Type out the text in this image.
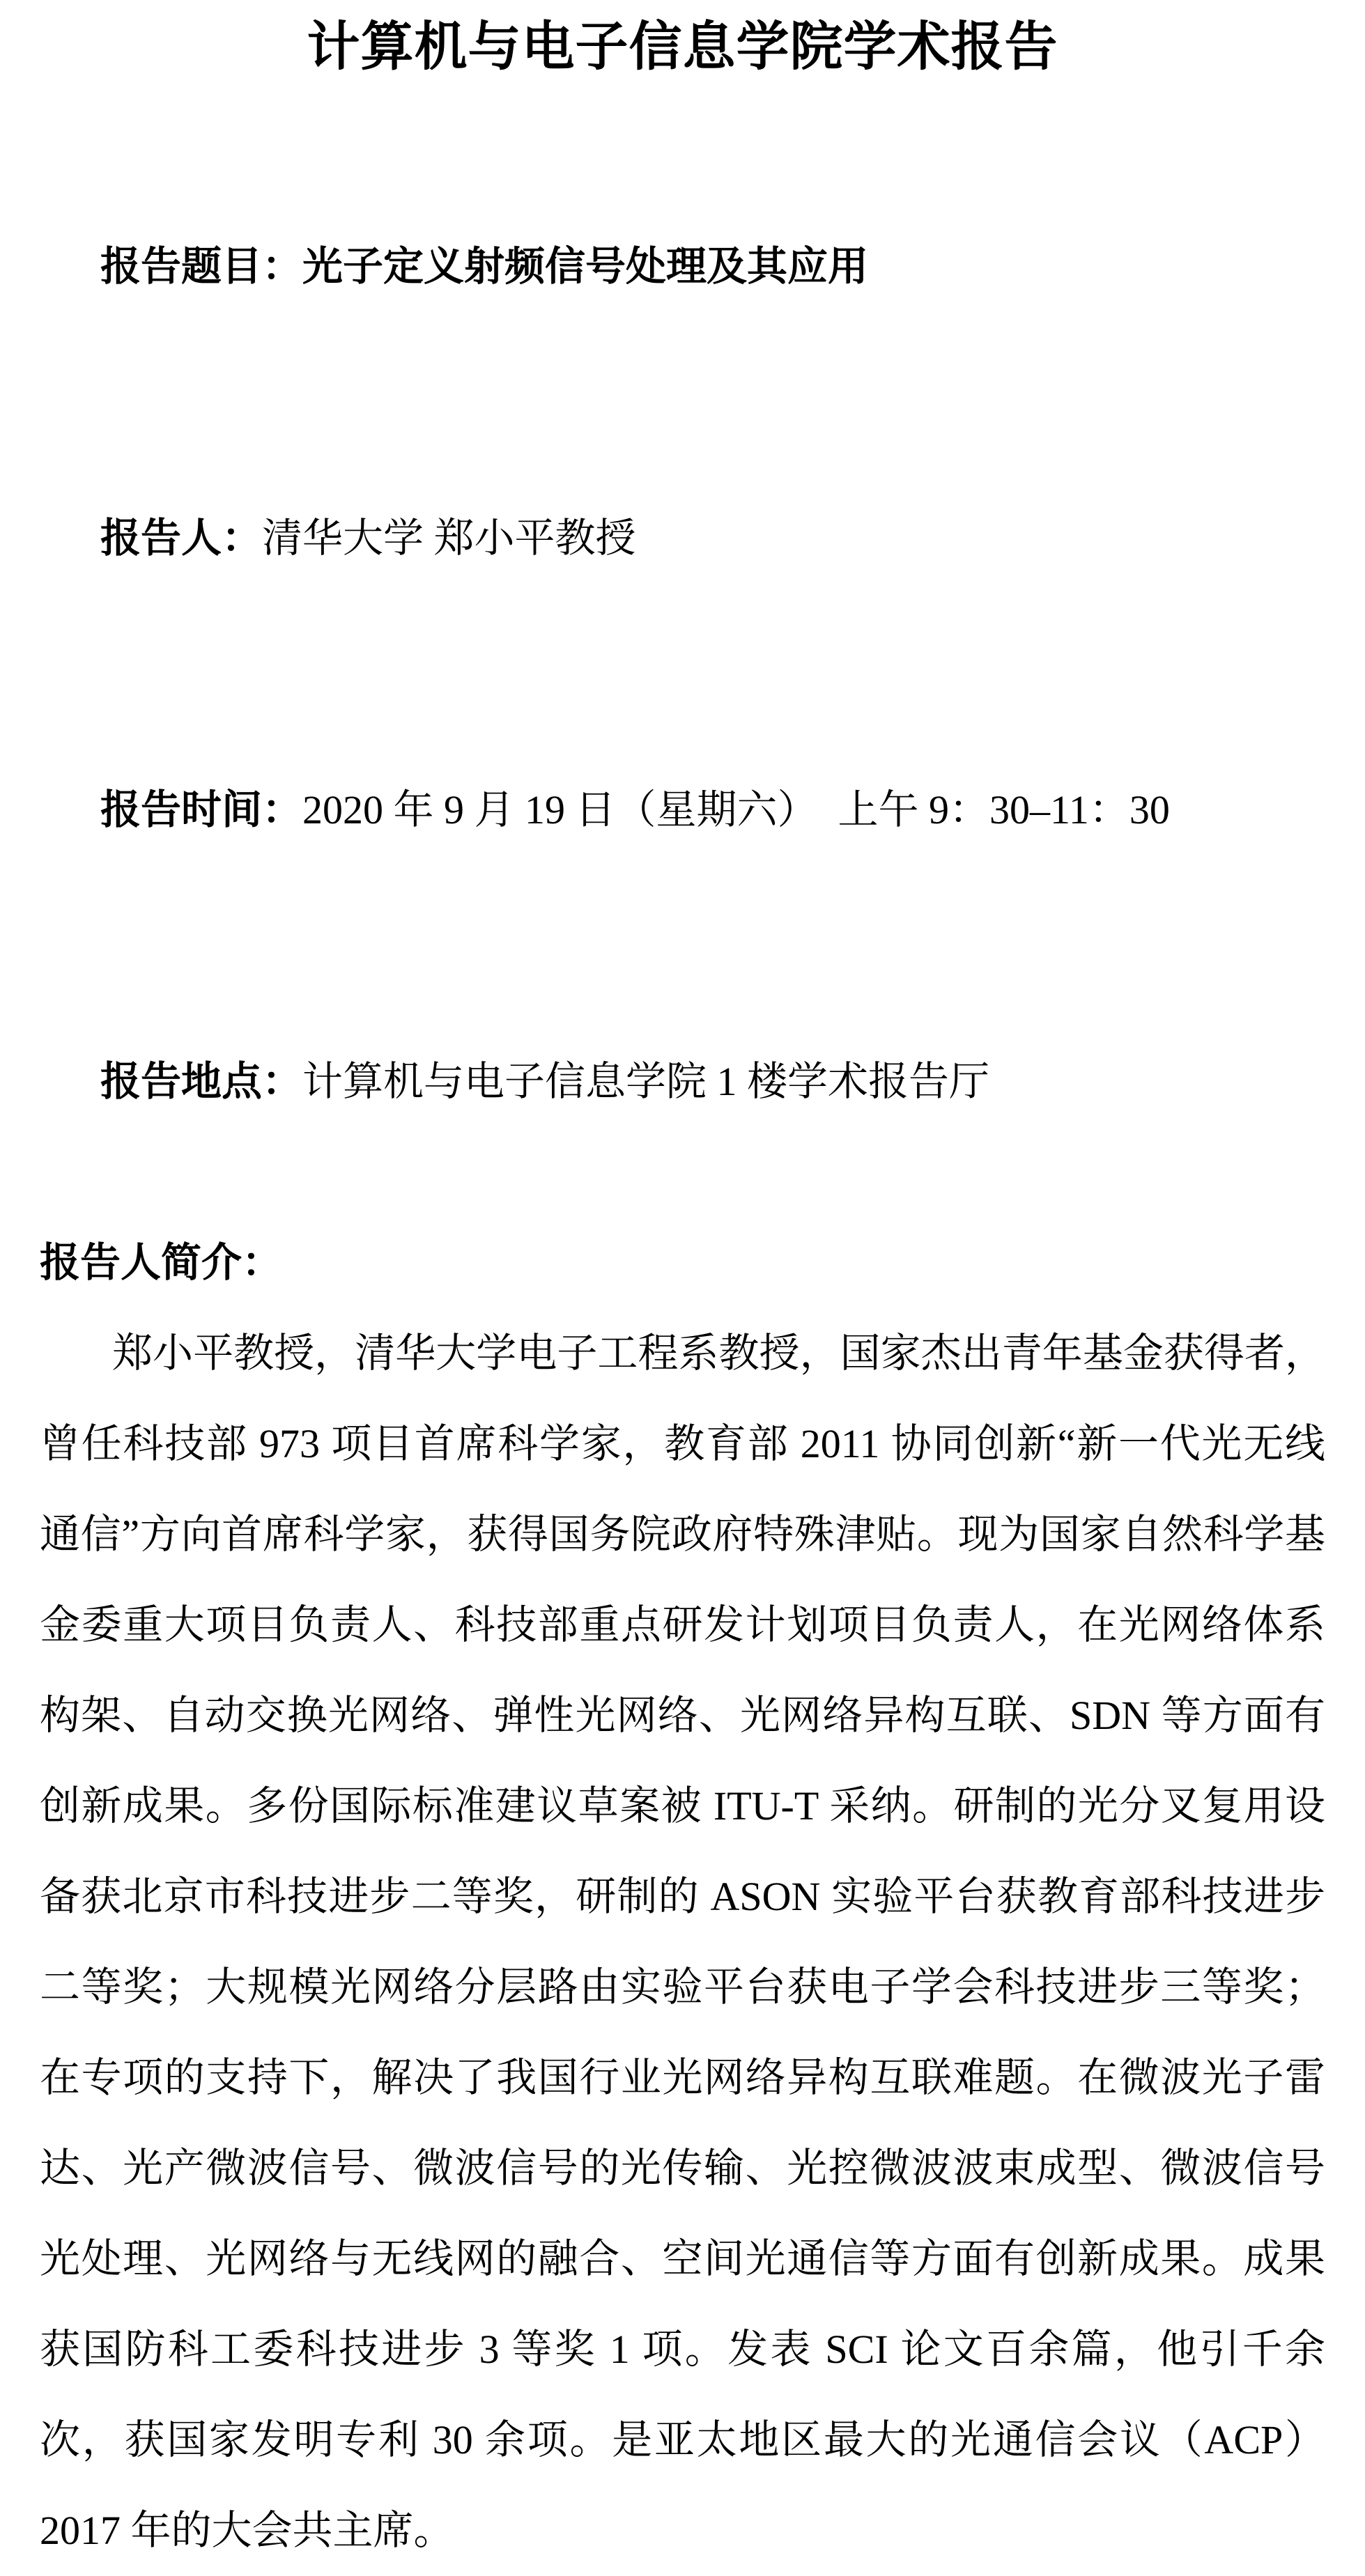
计算机与电子信息学院学术报告

报告题目：光子定义射频信号处理及其应用

报告人：清华大学 郑小平教授

报告时间：2020 年 9 月 19 日（星期六）  上午 9：30–11：30

报告地点：计算机与电子信息学院 1 楼学术报告厅

报告人简介：

郑小平教授，清华大学电子工程系教授，国家杰出青年基金获得者，曾任科技部 973 项目首席科学家，教育部 2011 协同创新“新一代光无线通信”方向首席科学家，获得国务院政府特殊津贴。现为国家自然科学基金委重大项目负责人、科技部重点研发计划项目负责人，在光网络体系构架、自动交换光网络、弹性光网络、光网络异构互联、SDN 等方面有创新成果。多份国际标准建议草案被 ITU-T 采纳。研制的光分叉复用设备获北京市科技进步二等奖，研制的 ASON 实验平台获教育部科技进步二等奖；大规模光网络分层路由实验平台获电子学会科技进步三等奖；在专项的支持下，解决了我国行业光网络异构互联难题。在微波光子雷达、光产微波信号、微波信号的光传输、光控微波波束成型、微波信号光处理、光网络与无线网的融合、空间光通信等方面有创新成果。成果获国防科工委科技进步 3 等奖 1 项。发表 SCI 论文百余篇，他引千余次，获国家发明专利 30 余项。是亚太地区最大的光通信会议（ACP）2017 年的大会共主席。
